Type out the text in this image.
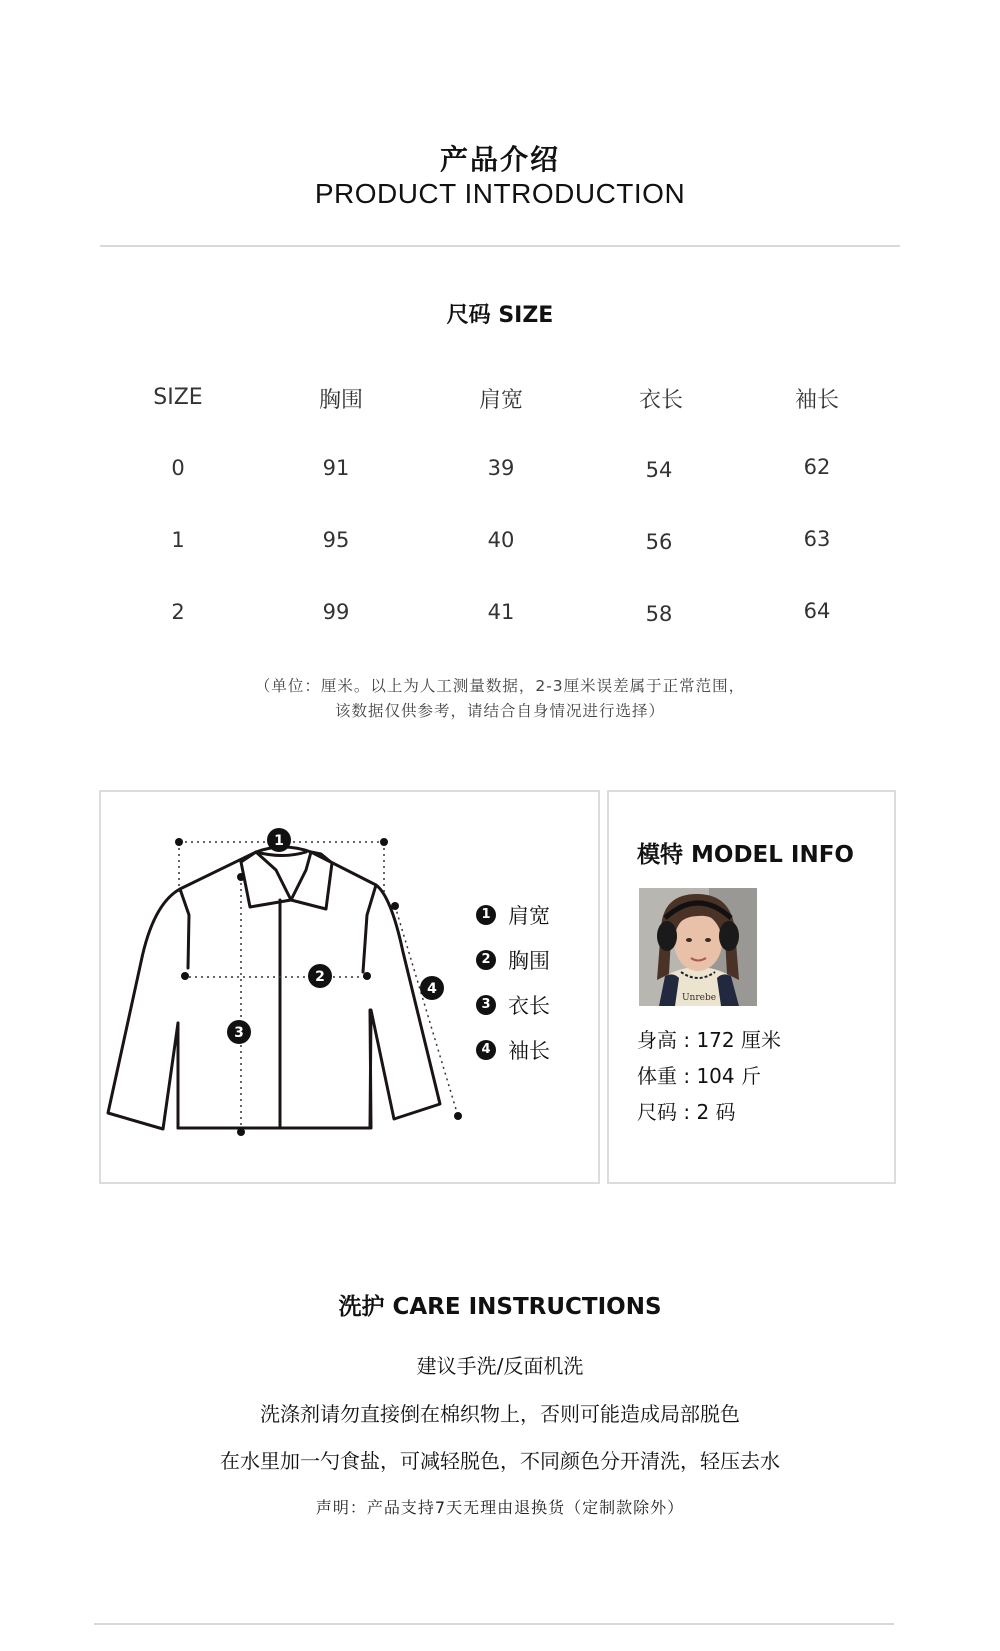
产品介绍
PRODUCT INTRODUCTION
尺码 SIZE
SIZE	胸围	肩宽	衣长	袖长
0	91	39	54	62
1	95	40	56	63
2	99	41	58	64
（单位：厘米。以上为人工测量数据，2-3厘米误差属于正常范围，
该数据仅供参考，请结合自身情况进行选择）
1
2
3
4
1 肩宽
2 胸围
3 衣长
4 袖长
模特 MODEL INFO
Unrebe
身高 : 172 厘米
体重 : 104 斤
尺码 : 2 码
洗护 CARE INSTRUCTIONS
建议手洗/反面机洗
洗涤剂请勿直接倒在棉织物上，否则可能造成局部脱色
在水里加一勺食盐，可减轻脱色，不同颜色分开清洗，轻压去水
声明：产品支持7天无理由退换货（定制款除外）
